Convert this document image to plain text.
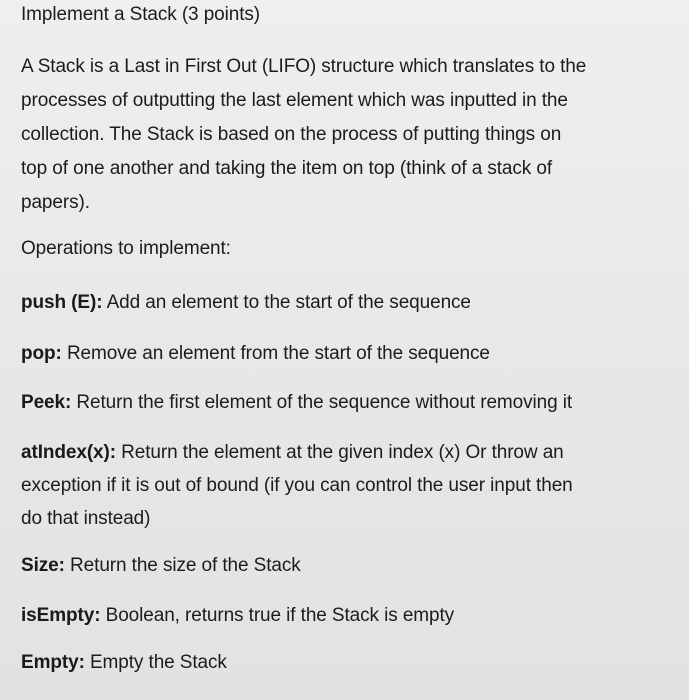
Implement a Stack (3 points)
A Stack is a Last in First Out (LIFO) structure which translates to the
processes of outputting the last element which was inputted in the
collection. The Stack is based on the process of putting things on
top of one another and taking the item on top (think of a stack of
papers).
Operations to implement:
push (E): Add an element to the start of the sequence
pop: Remove an element from the start of the sequence
Peek: Return the first element of the sequence without removing it
atIndex(x): Return the element at the given index (x) Or throw an
exception if it is out of bound (if you can control the user input then
do that instead)
Size: Return the size of the Stack
isEmpty: Boolean, returns true if the Stack is empty
Empty: Empty the Stack
